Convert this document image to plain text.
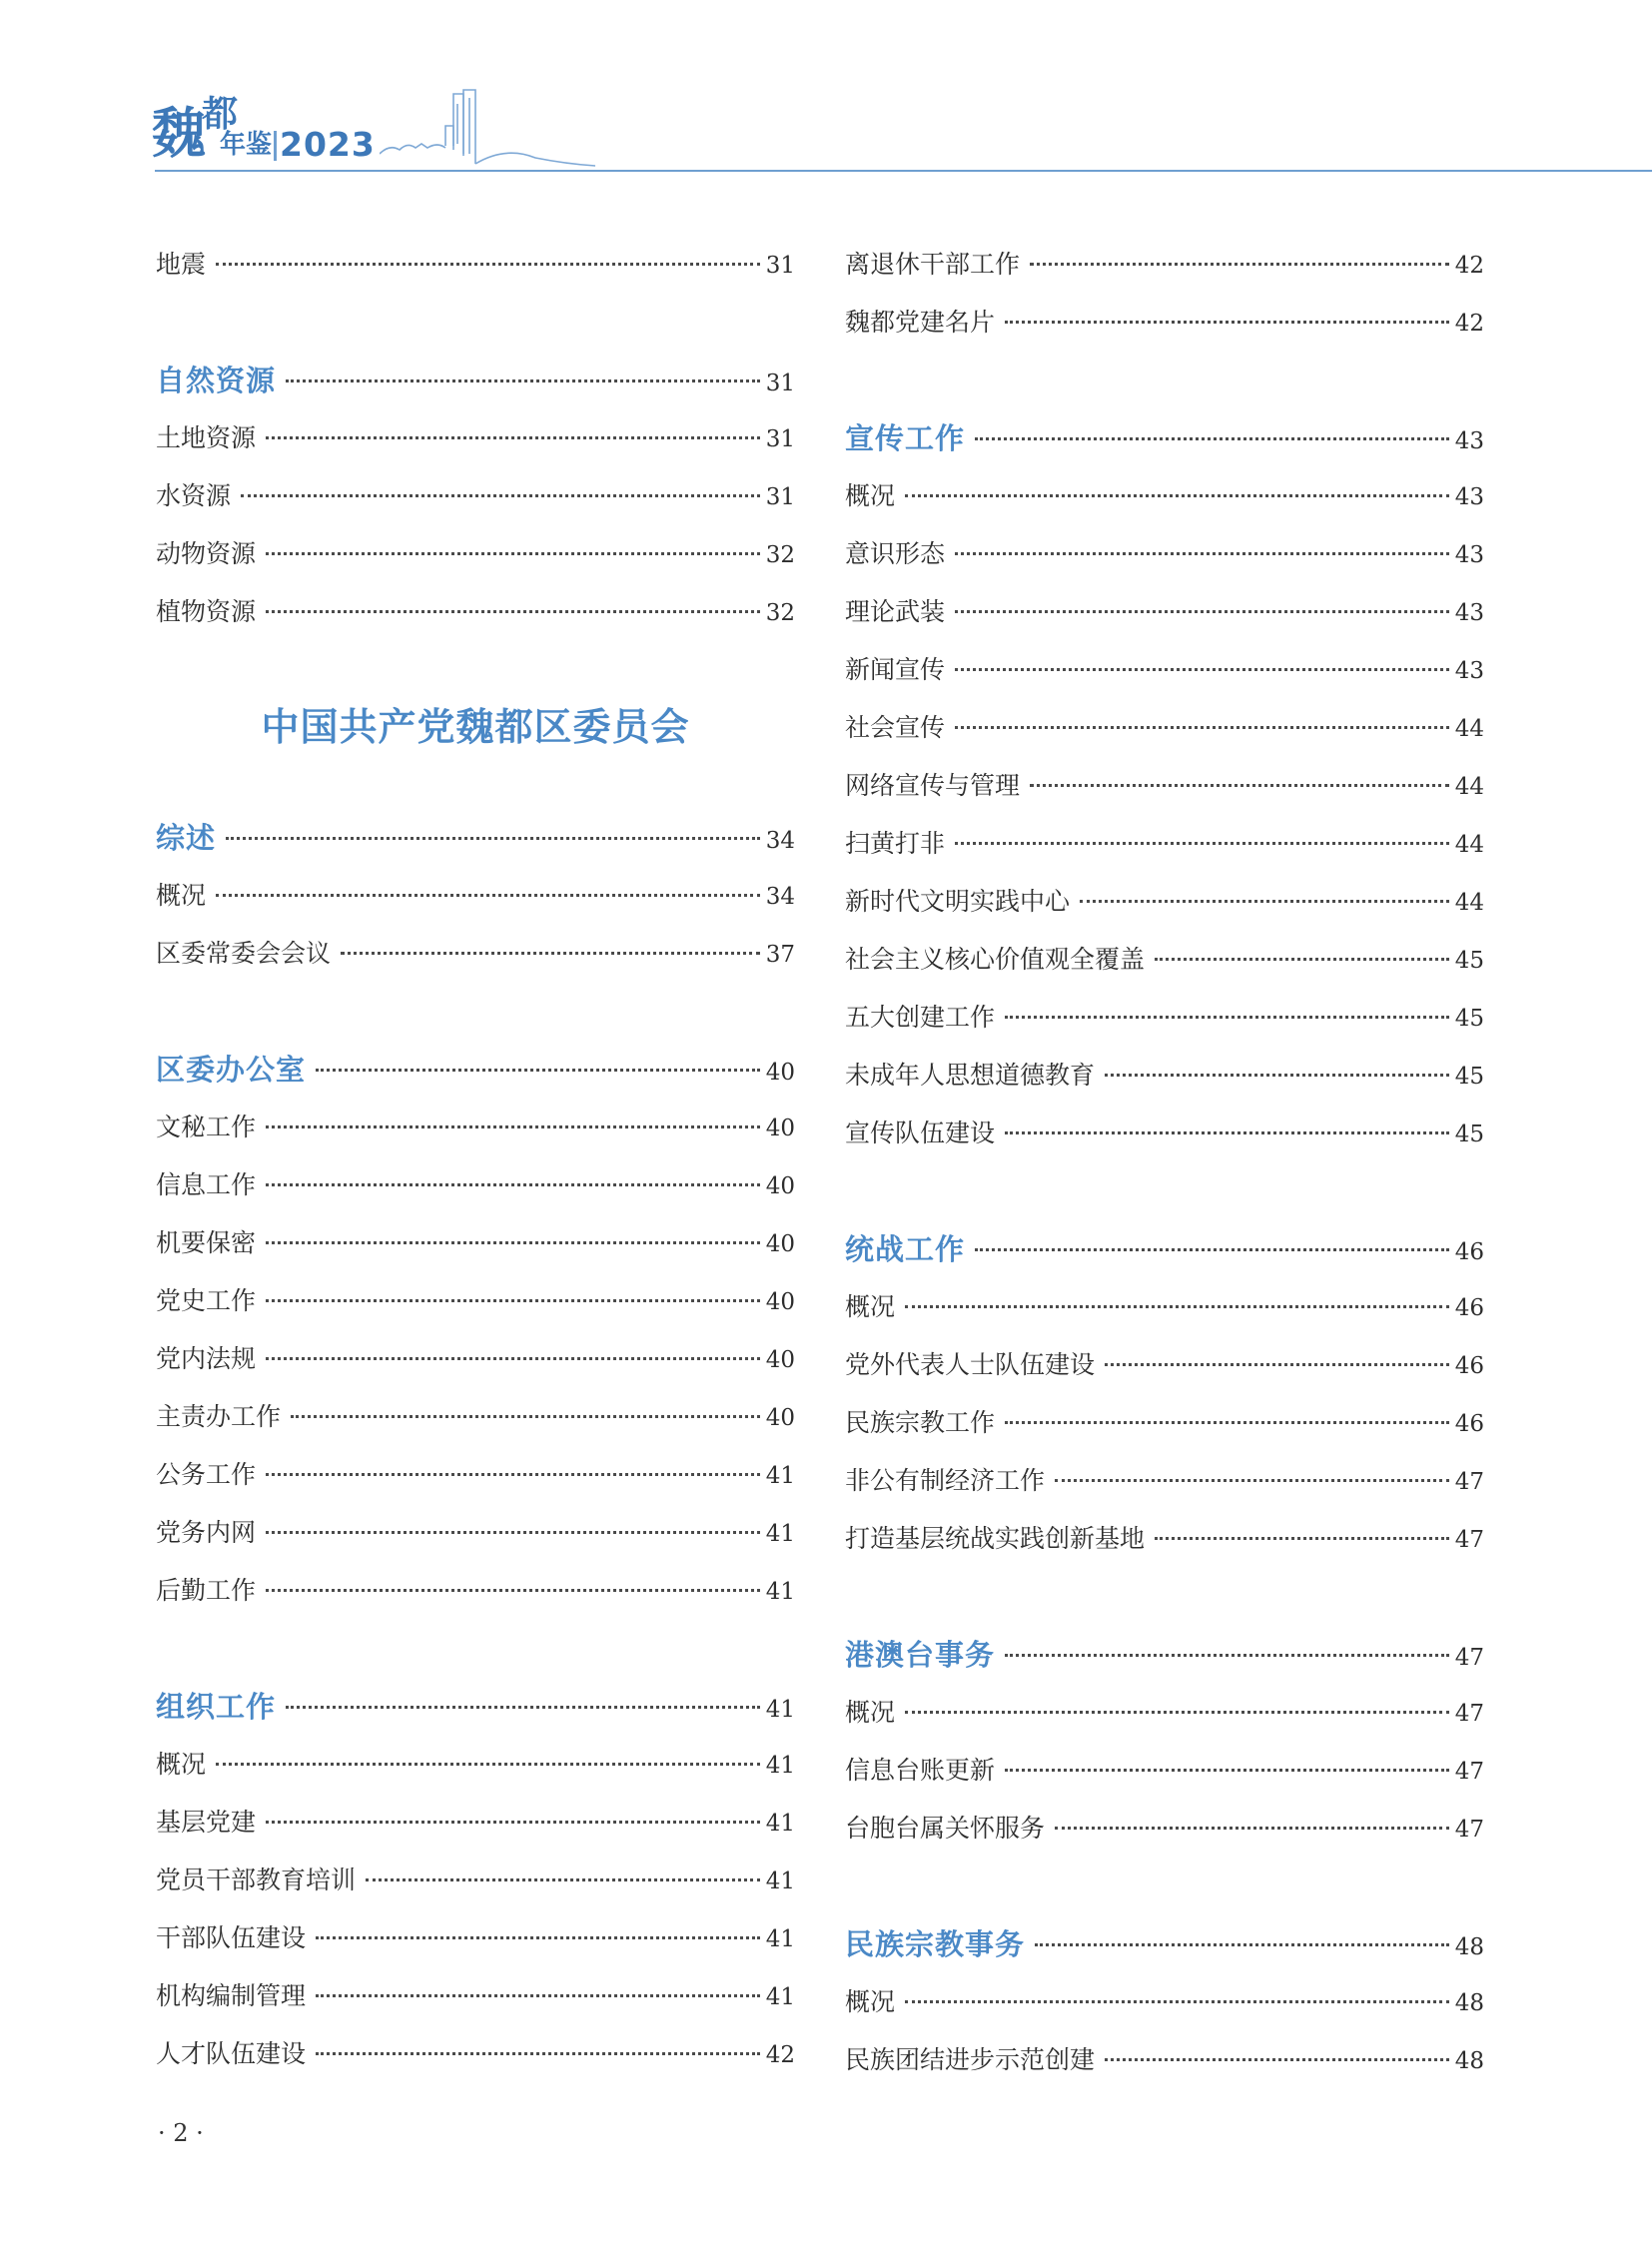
魏
都
年鉴 2023
地震	31
自然资源	31
土地资源	31
水资源	31
动物资源	32
植物资源	32
中国共产党魏都区委员会
综述	34
概况	34
区委常委会会议	37
区委办公室	40
文秘工作	40
信息工作	40
机要保密	40
党史工作	40
党内法规	40
主责办工作	40
公务工作	41
党务内网	41
后勤工作	41
组织工作	41
概况	41
基层党建	41
党员干部教育培训	41
干部队伍建设	41
机构编制管理	41
人才队伍建设	42
离退休干部工作	42
魏都党建名片	42
宣传工作	43
概况	43
意识形态	43
理论武装	43
新闻宣传	43
社会宣传	44
网络宣传与管理	44
扫黄打非	44
新时代文明实践中心	44
社会主义核心价值观全覆盖	45
五大创建工作	45
未成年人思想道德教育	45
宣传队伍建设	45
统战工作	46
概况	46
党外代表人士队伍建设	46
民族宗教工作	46
非公有制经济工作	47
打造基层统战实践创新基地	47
港澳台事务	47
概况	47
信息台账更新	47
台胞台属关怀服务	47
民族宗教事务	48
概况	48
民族团结进步示范创建	48
· 2 ·
